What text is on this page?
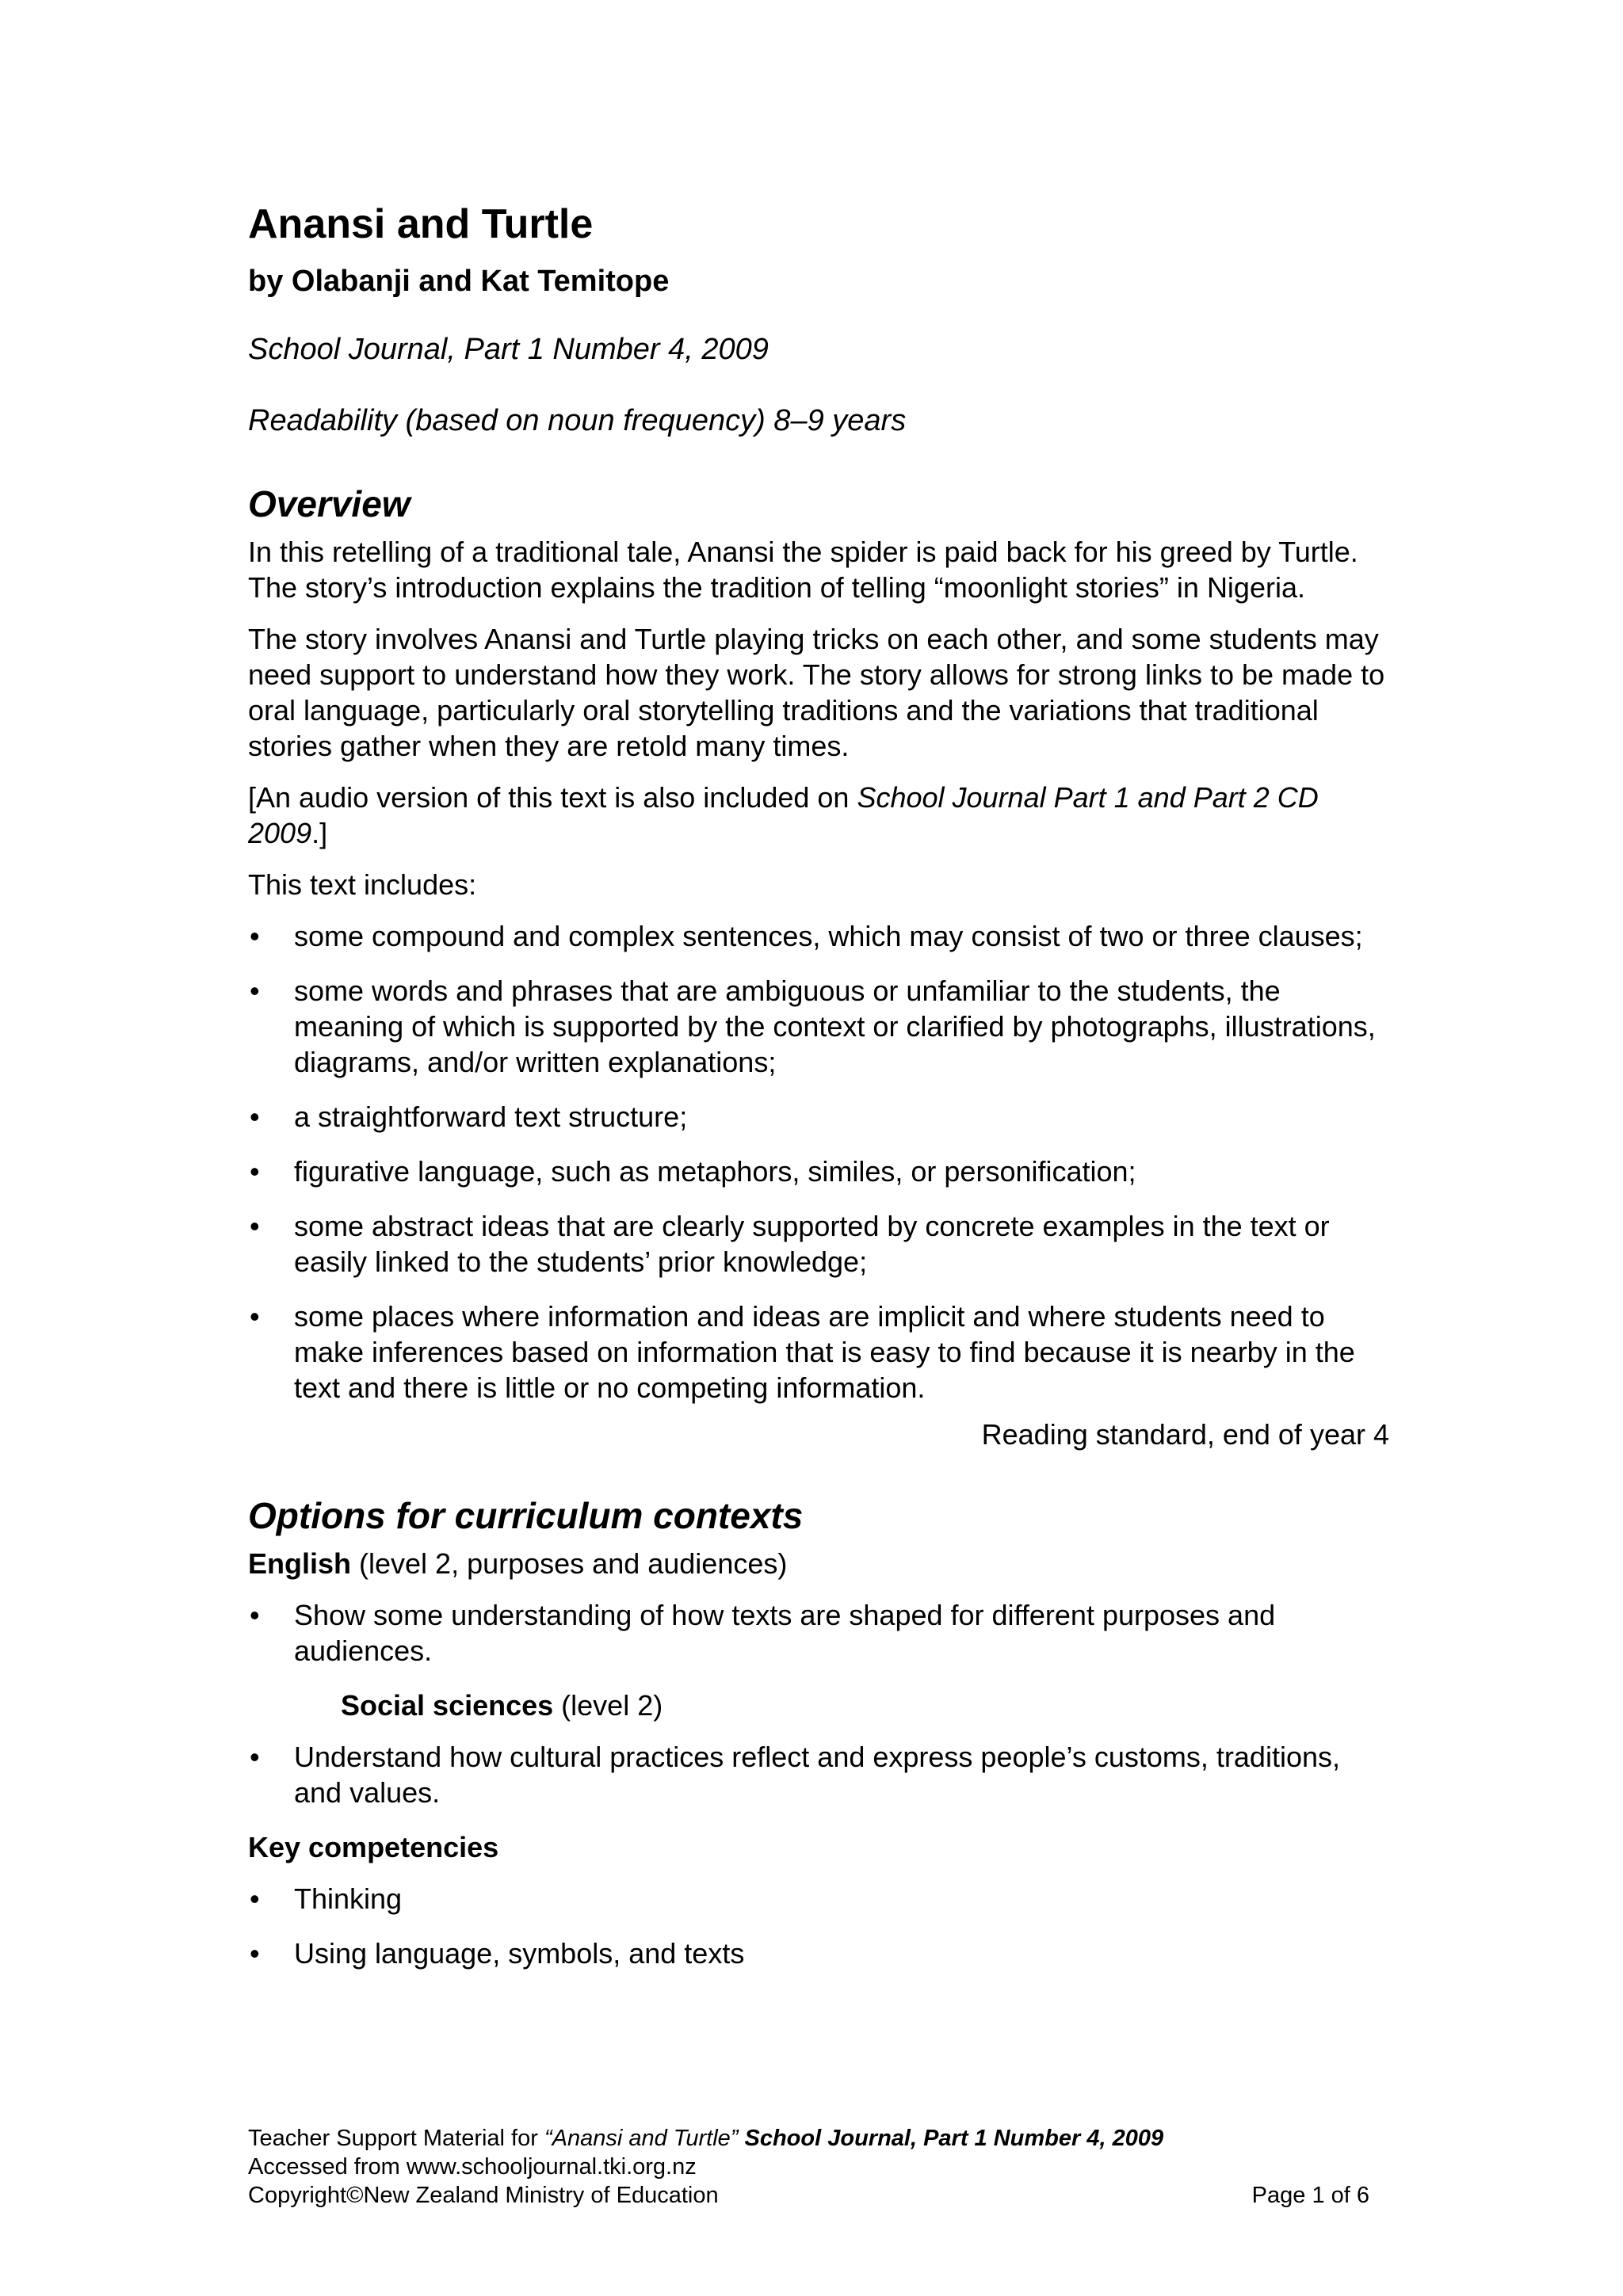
Anansi and Turtle
by Olabanji and Kat Temitope
School Journal, Part 1 Number 4, 2009
Readability (based on noun frequency) 8–9 years
Overview

In this retelling of a traditional tale, Anansi the spider is paid back for his greed by Turtle. The story’s introduction explains the tradition of telling “moonlight stories” in Nigeria.

The story involves Anansi and Turtle playing tricks on each other, and some students may need support to understand how they work. The story allows for strong links to be made to oral language, particularly oral storytelling traditions and the variations that traditional stories gather when they are retold many times.

[An audio version of this text is also included on School Journal Part 1 and Part 2 CD 2009.]

This text includes:

• some compound and complex sentences, which may consist of two or three clauses;
• some words and phrases that are ambiguous or unfamiliar to the students, the meaning of which is supported by the context or clarified by photographs, illustrations, diagrams, and/or written explanations;
• a straightforward text structure;
• figurative language, such as metaphors, similes, or personification;
• some abstract ideas that are clearly supported by concrete examples in the text or easily linked to the students’ prior knowledge;
• some places where information and ideas are implicit and where students need to make inferences based on information that is easy to find because it is nearby in the text and there is little or no competing information.

Reading standard, end of year 4

Options for curriculum contexts

English (level 2, purposes and audiences)

• Show some understanding of how texts are shaped for different purposes and audiences.

Social sciences (level 2)

• Understand how cultural practices reflect and express people’s customs, traditions, and values.

Key competencies

• Thinking
• Using language, symbols, and texts
Teacher Support Material for “Anansi and Turtle” School Journal, Part 1 Number 4, 2009
Accessed from www.schooljournal.tki.org.nz
Copyright©New Zealand Ministry of Education	Page 1 of 6
